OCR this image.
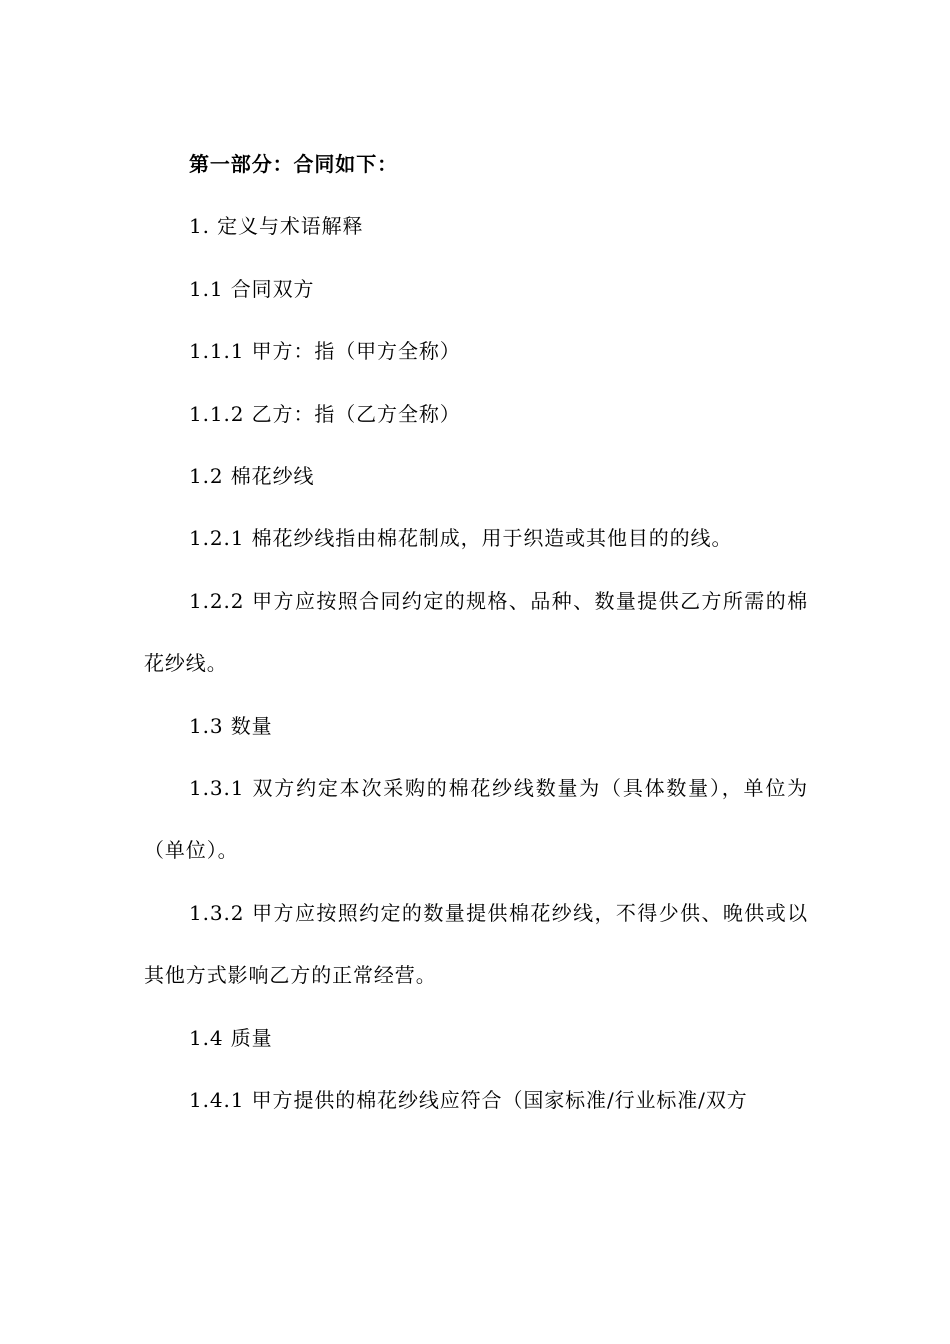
第一部分：合同如下：

1. 定义与术语解释

1.1 合同双方

1.1.1 甲方：指（甲方全称）

1.1.2 乙方：指（乙方全称）

1.2 棉花纱线

1.2.1 棉花纱线指由棉花制成，用于织造或其他目的的线。

1.2.2 甲方应按照合同约定的规格、品种、数量提供乙方所需的棉花纱线。

1.3 数量

1.3.1 双方约定本次采购的棉花纱线数量为（具体数量），单位为（单位）。

1.3.2 甲方应按照约定的数量提供棉花纱线，不得少供、晚供或以其他方式影响乙方的正常经营。

1.4 质量

1.4.1 甲方提供的棉花纱线应符合（国家标准/行业标准/双方
